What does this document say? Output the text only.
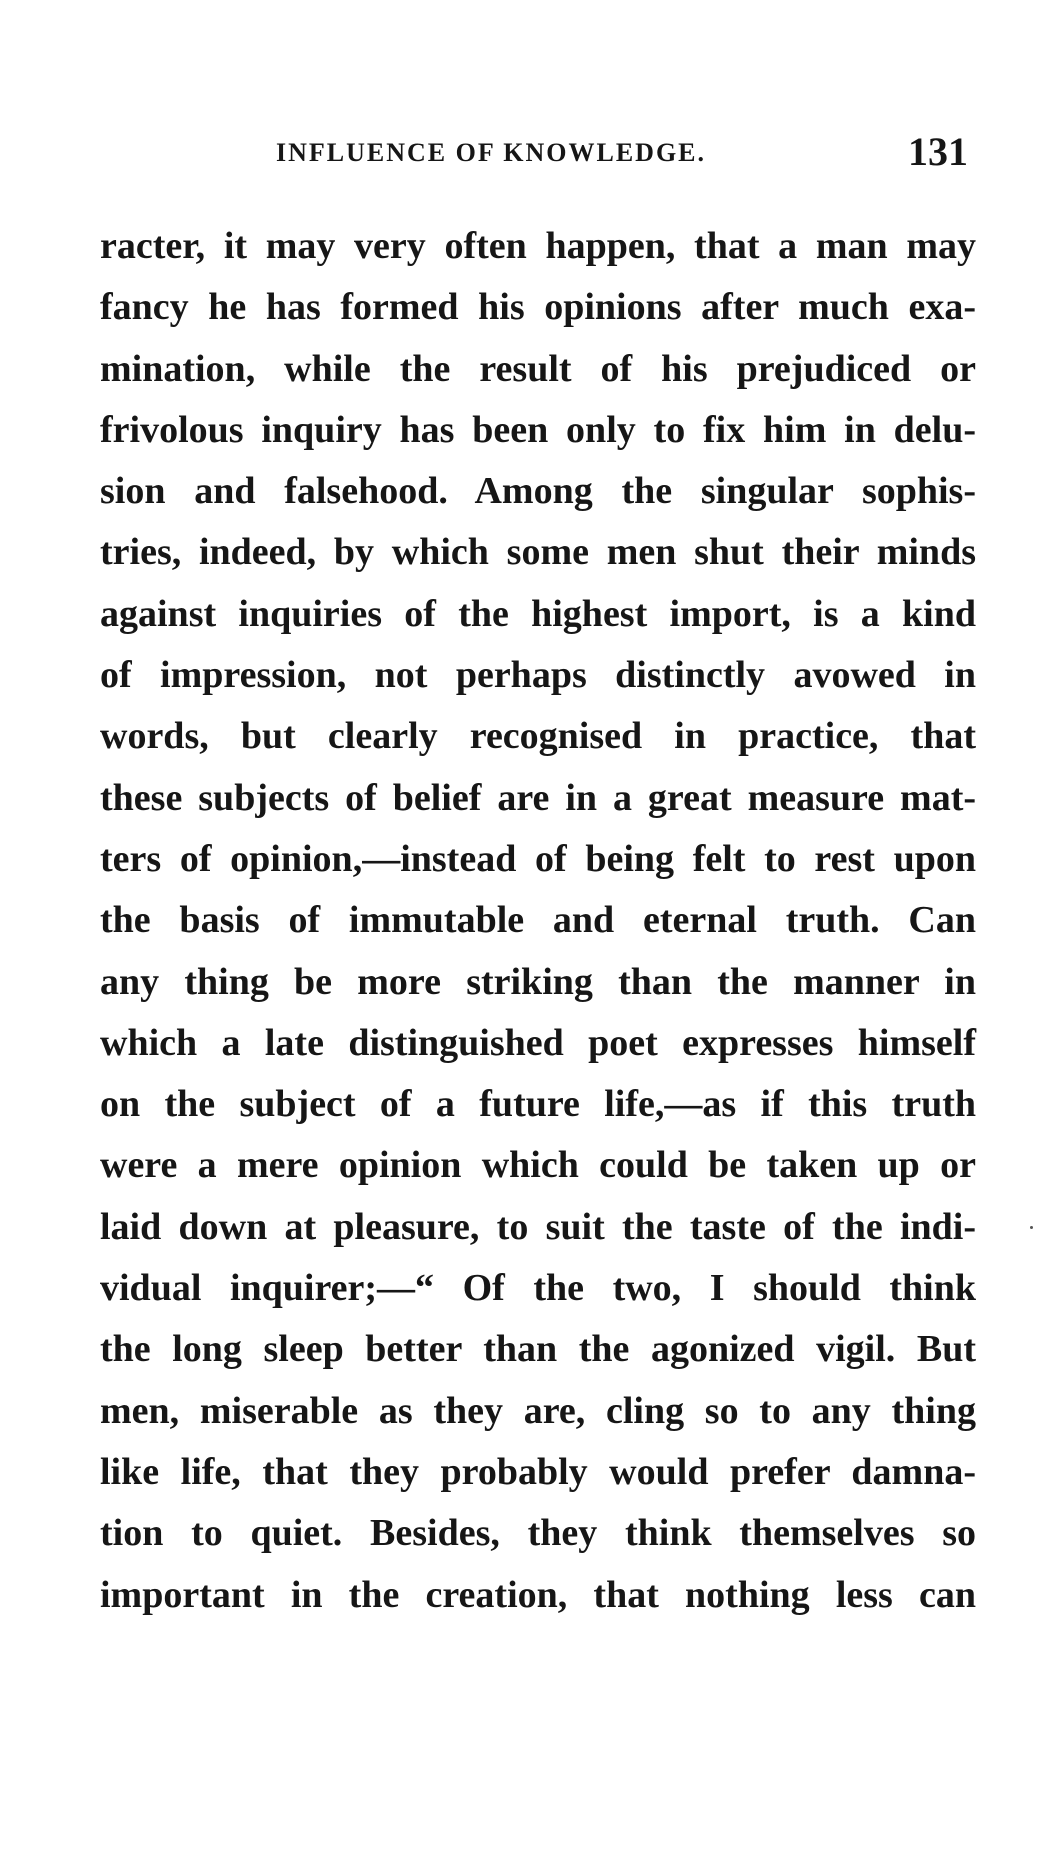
INFLUENCE OF KNOWLEDGE.	131
racter, it may very often happen, that a man may
fancy he has formed his opinions after much exa-
mination, while the result of his prejudiced or
frivolous inquiry has been only to fix him in delu-
sion and falsehood. Among the singular sophis-
tries, indeed, by which some men shut their minds
against inquiries of the highest import, is a kind
of impression, not perhaps distinctly avowed in
words, but clearly recognised in practice, that
these subjects of belief are in a great measure mat-
ters of opinion,—instead of being felt to rest upon
the basis of immutable and eternal truth. Can
any thing be more striking than the manner in
which a late distinguished poet expresses himself
on the subject of a future life,—as if this truth
were a mere opinion which could be taken up or
laid down at pleasure, to suit the taste of the indi-
vidual inquirer;—“ Of the two, I should think
the long sleep better than the agonized vigil. But
men, miserable as they are, cling so to any thing
like life, that they probably would prefer damna-
tion to quiet. Besides, they think themselves so
important in the creation, that nothing less can
